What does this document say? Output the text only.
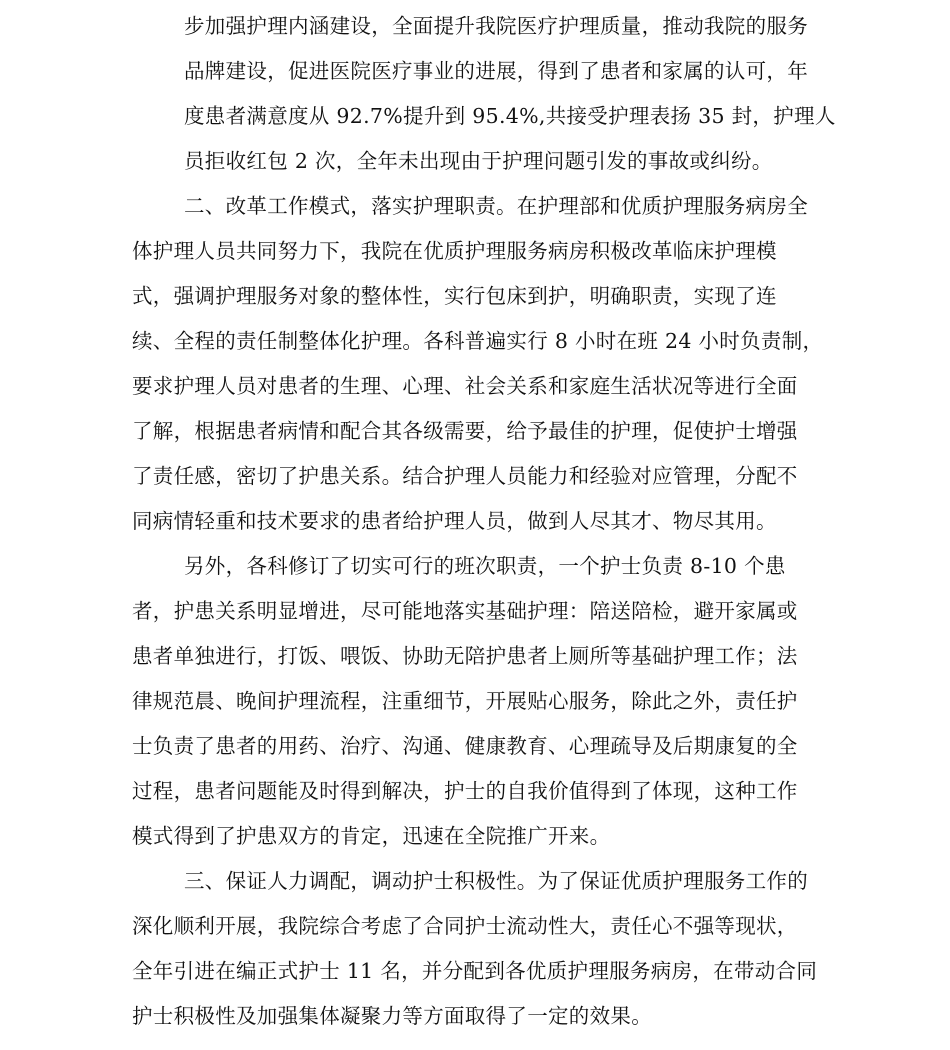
步加强护理内涵建设，全面提升我院医疗护理质量，推动我院的服务
品牌建设，促进医院医疗事业的进展，得到了患者和家属的认可，年
度患者满意度从 92.7%提升到 95.4%,共接受护理表扬 35 封，护理人
员拒收红包 2 次，全年未出现由于护理问题引发的事故或纠纷。
二、改革工作模式，落实护理职责。在护理部和优质护理服务病房全
体护理人员共同努力下，我院在优质护理服务病房积极改革临床护理模
式，强调护理服务对象的整体性，实行包床到护，明确职责，实现了连
续、全程的责任制整体化护理。各科普遍实行 8 小时在班 24 小时负责制，
要求护理人员对患者的生理、心理、社会关系和家庭生活状况等进行全面
了解，根据患者病情和配合其各级需要，给予最佳的护理，促使护士增强
了责任感，密切了护患关系。结合护理人员能力和经验对应管理，分配不
同病情轻重和技术要求的患者给护理人员，做到人尽其才、物尽其用。
另外，各科修订了切实可行的班次职责，一个护士负责 8-10 个患
者，护患关系明显增进，尽可能地落实基础护理：陪送陪检，避开家属或
患者单独进行，打饭、喂饭、协助无陪护患者上厕所等基础护理工作；法
律规范晨、晚间护理流程，注重细节，开展贴心服务，除此之外，责任护
士负责了患者的用药、治疗、沟通、健康教育、心理疏导及后期康复的全
过程，患者问题能及时得到解决，护士的自我价值得到了体现，这种工作
模式得到了护患双方的肯定，迅速在全院推广开来。
三、保证人力调配，调动护士积极性。为了保证优质护理服务工作的
深化顺利开展，我院综合考虑了合同护士流动性大，责任心不强等现状，
全年引进在编正式护士 11 名，并分配到各优质护理服务病房，在带动合同
护士积极性及加强集体凝聚力等方面取得了一定的效果。
